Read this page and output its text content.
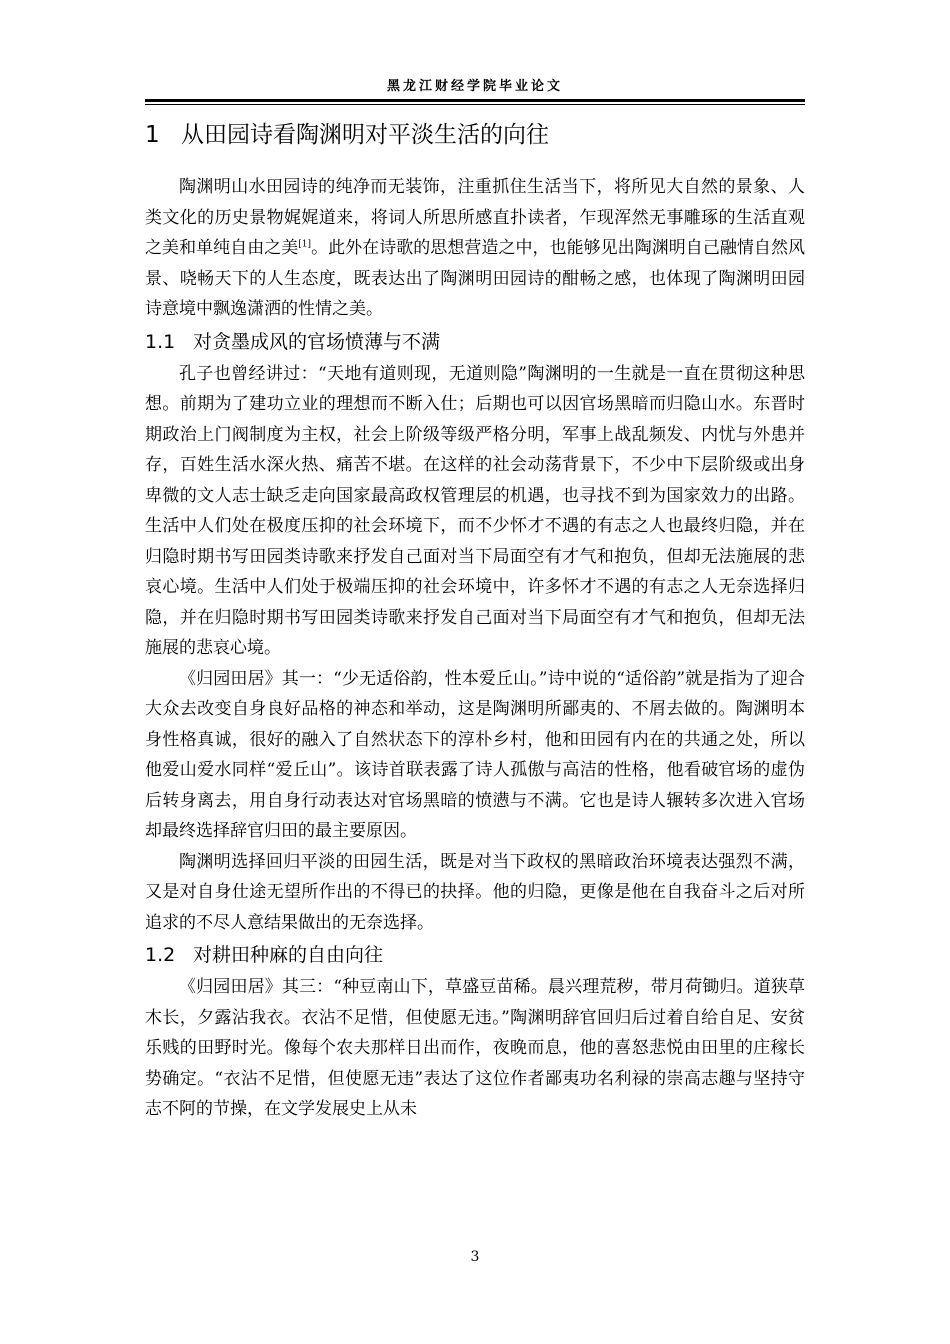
黑龙江财经学院毕业论文
1 从田园诗看陶渊明对平淡生活的向往

陶渊明山水田园诗的纯净而无装饰，注重抓住生活当下，将所见大自然的景象、人类文化的历史景物娓娓道来，将词人所思所感直扑读者，乍现浑然无事雕琢的生活直观之美和单纯自由之美[1]。此外在诗歌的思想营造之中，也能够见出陶渊明自己融情自然风景、哓畅天下的人生态度，既表达出了陶渊明田园诗的酣畅之感，也体现了陶渊明田园诗意境中飘逸潇洒的性情之美。

1.1 对贪墨成风的官场愤薄与不满

孔子也曾经讲过：“天地有道则现，无道则隐”陶渊明的一生就是一直在贯彻这种思想。前期为了建功立业的理想而不断入仕；后期也可以因官场黑暗而归隐山水。东晋时期政治上门阀制度为主权，社会上阶级等级严格分明，军事上战乱频发、内忧与外患并存，百姓生活水深火热、痛苦不堪。在这样的社会动荡背景下，不少中下层阶级或出身卑微的文人志士缺乏走向国家最高政权管理层的机遇，也寻找不到为国家效力的出路。生活中人们处在极度压抑的社会环境下，而不少怀才不遇的有志之人也最终归隐，并在归隐时期书写田园类诗歌来抒发自己面对当下局面空有才气和抱负，但却无法施展的悲哀心境。生活中人们处于极端压抑的社会环境中，许多怀才不遇的有志之人无奈选择归隐，并在归隐时期书写田园类诗歌来抒发自己面对当下局面空有才气和抱负，但却无法施展的悲哀心境。

《归园田居》其一：“少无适俗韵，性本爱丘山。”诗中说的“适俗韵”就是指为了迎合大众去改变自身良好品格的神态和举动，这是陶渊明所鄙夷的、不屑去做的。陶渊明本身性格真诚，很好的融入了自然状态下的淳朴乡村，他和田园有内在的共通之处，所以他爱山爱水同样“爱丘山”。该诗首联表露了诗人孤傲与高洁的性格，他看破官场的虚伪后转身离去，用自身行动表达对官场黑暗的愤懑与不满。它也是诗人辗转多次进入官场却最终选择辞官归田的最主要原因。

陶渊明选择回归平淡的田园生活，既是对当下政权的黑暗政治环境表达强烈不满，又是对自身仕途无望所作出的不得已的抉择。他的归隐，更像是他在自我奋斗之后对所追求的不尽人意结果做出的无奈选择。

1.2 对耕田种麻的自由向往

《归园田居》其三：“种豆南山下，草盛豆苗稀。晨兴理荒秽，带月荷锄归。道狭草木长，夕露沾我衣。衣沾不足惜，但使愿无违。”陶渊明辞官回归后过着自给自足、安贫乐贱的田野时光。像每个农夫那样日出而作，夜晚而息，他的喜怒悲悦由田里的庄稼长势确定。“衣沾不足惜，但使愿无违”表达了这位作者鄙夷功名利禄的崇高志趣与坚持守志不阿的节操，在文学发展史上从未

3
